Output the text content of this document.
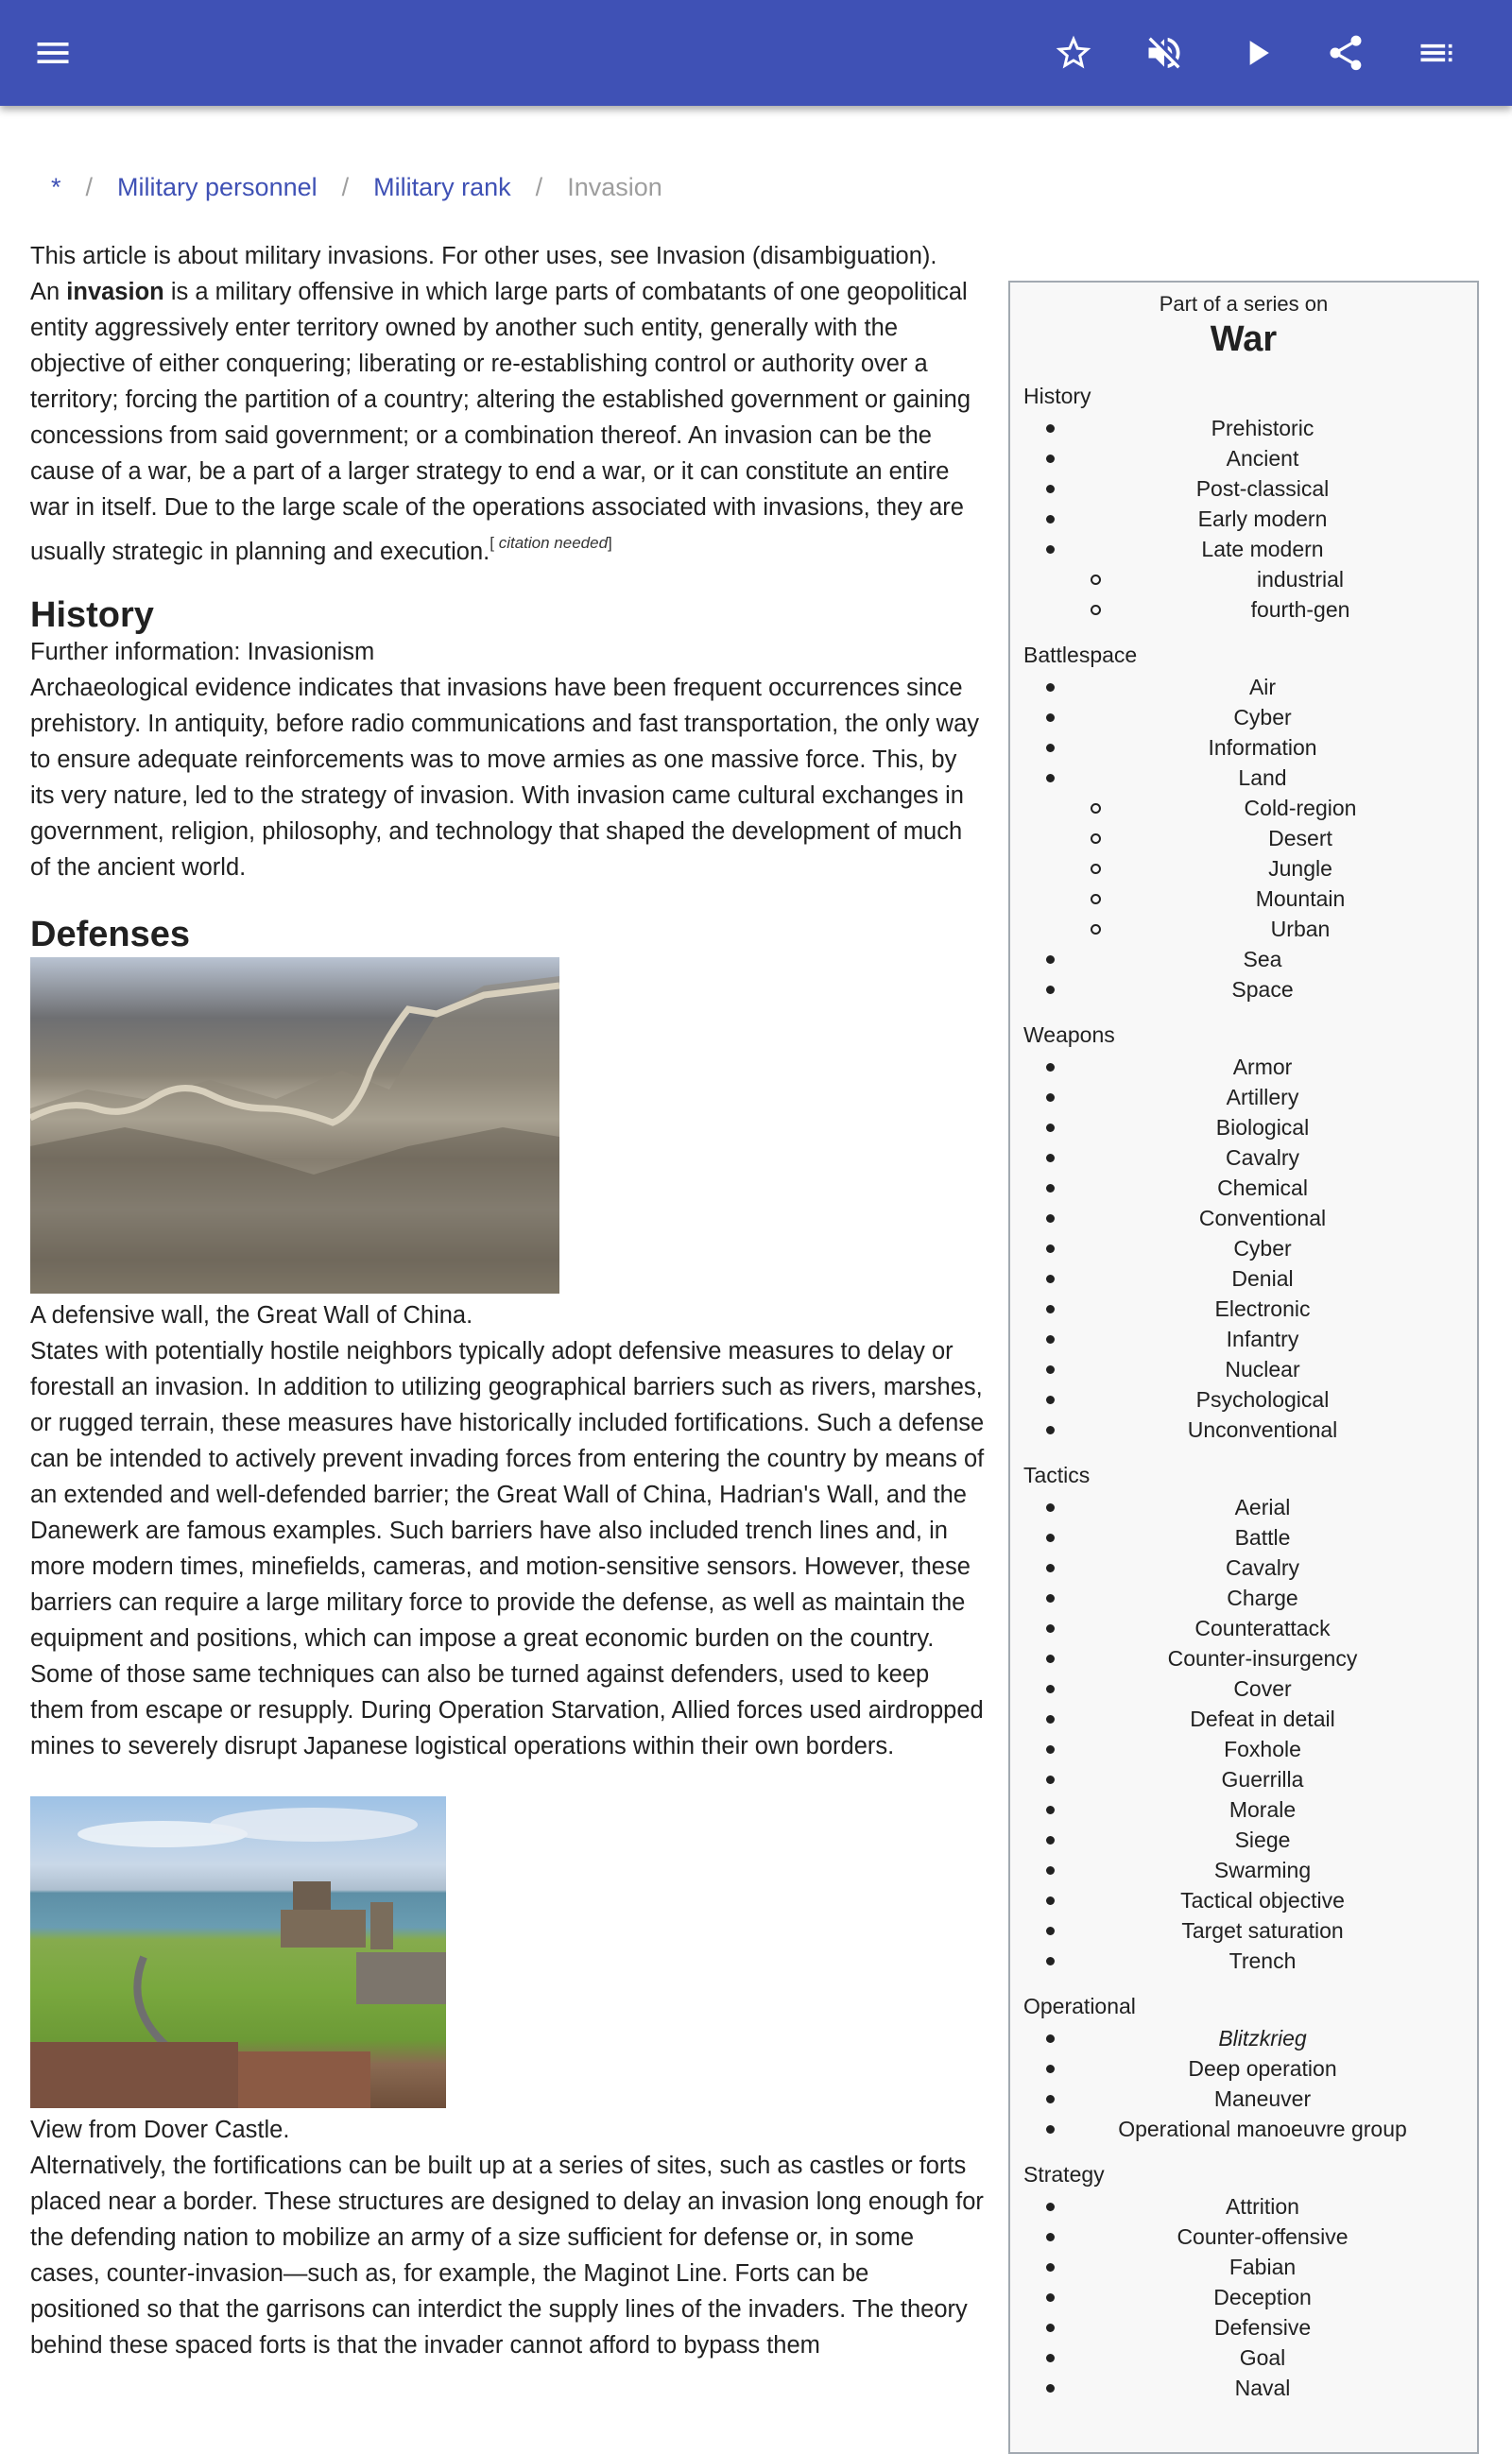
* / Military personnel / Military rank / Invasion

This article is about military invasions. For other uses, see Invasion (disambiguation).

An invasion is a military offensive in which large parts of combatants of one geopolitical entity aggressively enter territory owned by another such entity, generally with the objective of either conquering; liberating or re-establishing control or authority over a territory; forcing the partition of a country; altering the established government or gaining concessions from said government; or a combination thereof. An invasion can be the cause of a war, be a part of a larger strategy to end a war, or it can constitute an entire war in itself. Due to the large scale of the operations associated with invasions, they are usually strategic in planning and execution.[ citation needed]

History

Further information: Invasionism

Archaeological evidence indicates that invasions have been frequent occurrences since prehistory. In antiquity, before radio communications and fast transportation, the only way to ensure adequate reinforcements was to move armies as one massive force. This, by its very nature, led to the strategy of invasion. With invasion came cultural exchanges in government, religion, philosophy, and technology that shaped the development of much of the ancient world.

Defenses

A defensive wall, the Great Wall of China.

States with potentially hostile neighbors typically adopt defensive measures to delay or forestall an invasion. In addition to utilizing geographical barriers such as rivers, marshes, or rugged terrain, these measures have historically included fortifications. Such a defense can be intended to actively prevent invading forces from entering the country by means of an extended and well-defended barrier; the Great Wall of China, Hadrian's Wall, and the Danewerk are famous examples. Such barriers have also included trench lines and, in more modern times, minefields, cameras, and motion-sensitive sensors. However, these barriers can require a large military force to provide the defense, as well as maintain the equipment and positions, which can impose a great economic burden on the country. Some of those same techniques can also be turned against defenders, used to keep them from escape or resupply. During Operation Starvation, Allied forces used airdropped mines to severely disrupt Japanese logistical operations within their own borders.

View from Dover Castle.

Alternatively, the fortifications can be built up at a series of sites, such as castles or forts placed near a border. These structures are designed to delay an invasion long enough for the defending nation to mobilize an army of a size sufficient for defense or, in some cases, counter-invasion—such as, for example, the Maginot Line. Forts can be positioned so that the garrisons can interdict the supply lines of the invaders. The theory behind these spaced forts is that the invader cannot afford to bypass them

Part of a series on
War
History
Prehistoric
Ancient
Post-classical
Early modern
Late modern
industrial
fourth-gen
Battlespace
Air
Cyber
Information
Land
Cold-region
Desert
Jungle
Mountain
Urban
Sea
Space
Weapons
Armor
Artillery
Biological
Cavalry
Chemical
Conventional
Cyber
Denial
Electronic
Infantry
Nuclear
Psychological
Unconventional
Tactics
Aerial
Battle
Cavalry
Charge
Counterattack
Counter-insurgency
Cover
Defeat in detail
Foxhole
Guerrilla
Morale
Siege
Swarming
Tactical objective
Target saturation
Trench
Operational
Blitzkrieg
Deep operation
Maneuver
Operational manoeuvre group
Strategy
Attrition
Counter-offensive
Fabian
Deception
Defensive
Goal
Naval
